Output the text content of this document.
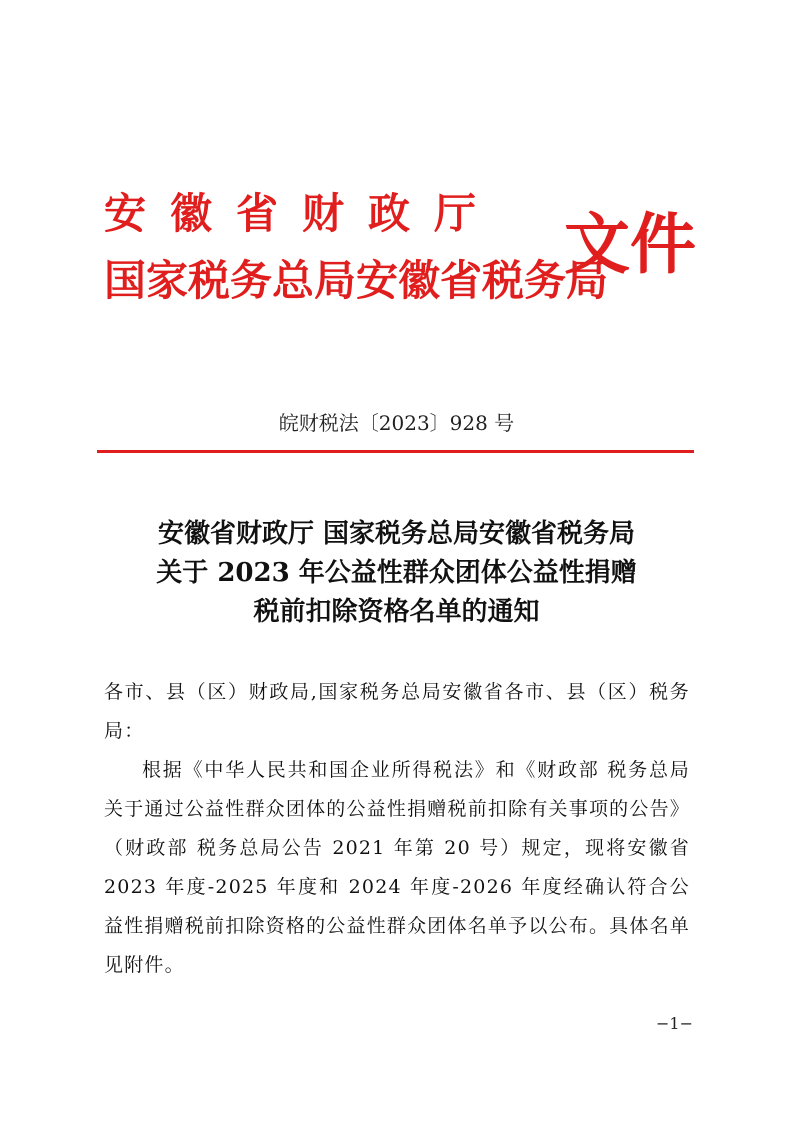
安徽省财政厅
国家税务总局安徽省税务局
文件
皖财税法〔2023〕928 号
安徽省财政厅 国家税务总局安徽省税务局
关于 2023 年公益性群众团体公益性捐赠
税前扣除资格名单的通知
各市、县（区）财政局,国家税务总局安徽省各市、县（区）税务局：
根据《中华人民共和国企业所得税法》和《财政部 税务总局关于通过公益性群众团体的公益性捐赠税前扣除有关事项的公告》（财政部 税务总局公告 2021 年第 20 号）规定，现将安徽省 2023 年度-2025 年度和 2024 年度-2026 年度经确认符合公益性捐赠税前扣除资格的公益性群众团体名单予以公布。具体名单见附件。
−1−
